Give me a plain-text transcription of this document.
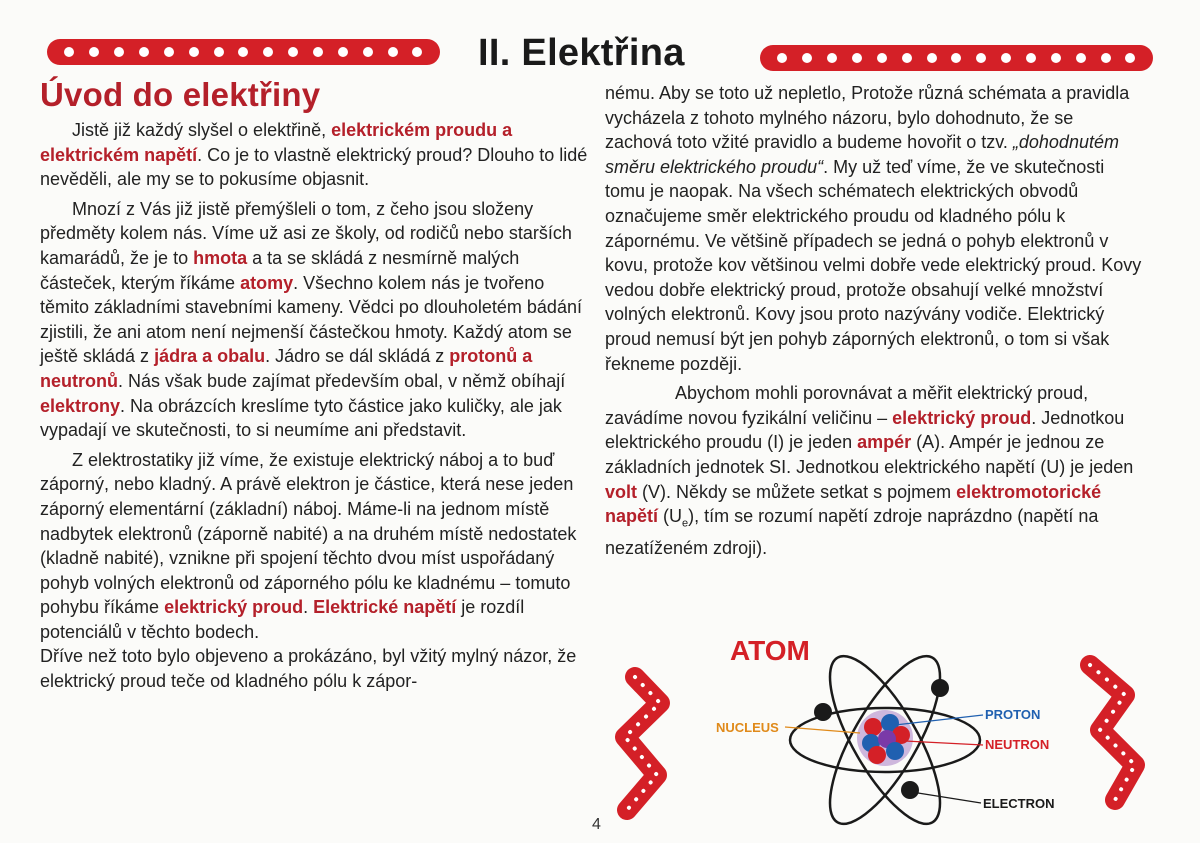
II. Elektřina
Úvod do elektřiny

Jistě již každý slyšel o elektřině, elektrickém proudu a elektrickém napětí. Co je to vlastně elektrický proud? Dlouho to lidé nevěděli, ale my se to pokusíme objasnit.

Mnozí z Vás již jistě přemýšleli o tom, z čeho jsou složeny předměty kolem nás. Víme už asi ze školy, od rodičů nebo starších kamarádů, že je to hmota a ta se skládá z nesmírně malých částeček, kterým říkáme atomy. Všechno kolem nás je tvořeno těmito základními stavebními kameny. Vědci po dlouholetém bádání zjistili, že ani atom není nejmenší částečkou hmoty. Každý atom se ještě skládá z jádra a obalu. Jádro se dál skládá z protonů a neutronů. Nás však bude zajímat především obal, v němž obíhají elektrony. Na obrázcích kreslíme tyto částice jako kuličky, ale jak vypadají ve skutečnosti, to si neumíme ani představit.

Z elektrostatiky již víme, že existuje elektrický náboj a to buď záporný, nebo kladný. A právě elektron je částice, která nese jeden záporný elementární (základní) náboj. Máme-li na jednom místě nadbytek elektronů (záporně nabité) a na druhém místě nedostatek (kladně nabité), vznikne při spojení těchto dvou míst uspořádaný pohyb volných elektronů od záporného pólu ke kladnému – tomuto pohybu říkáme elektrický proud. Elektrické napětí je rozdíl potenciálů v těchto bodech.

Dříve než toto bylo objeveno a prokázáno, byl vžitý mylný názor, že elektrický proud teče od kladného pólu k zápor-

nému. Aby se toto už nepletlo, Protože různá schémata a pravidla vycházela z tohoto mylného názoru, bylo dohodnuto, že se zachová toto vžité pravidlo a budeme hovořit o tzv. „dohodnutém směru elektrického proudu“. My už teď víme, že ve skutečnosti tomu je naopak. Na všech schématech elektrických obvodů označujeme směr elektrického proudu od kladného pólu k zápornému. Ve většině případech se jedná o pohyb elektronů v kovu, protože kov většinou velmi dobře vede elektrický proud. Kovy vedou dobře elektrický proud, protože obsahují velké množství volných elektronů. Kovy jsou proto nazývány vodiče. Elektrický proud nemusí být jen pohyb záporných elektronů, o tom si však řekneme později.

Abychom mohli porovnávat a měřit elektrický proud, zavádíme novou fyzikální veličinu – elektrický proud. Jednotkou elektrického proudu (I) je jeden ampér (A). Ampér je jednou ze základních jednotek SI. Jednotkou elektrického napětí (U) je jeden volt (V). Někdy se můžete setkat s pojmem elektromotorické napětí $(U_e)$, tím se rozumí napětí zdroje naprázdno (napětí na nezatíženém zdroji).

ATOM
NUCLEUS
PROTON
NEUTRON
ELECTRON
4
